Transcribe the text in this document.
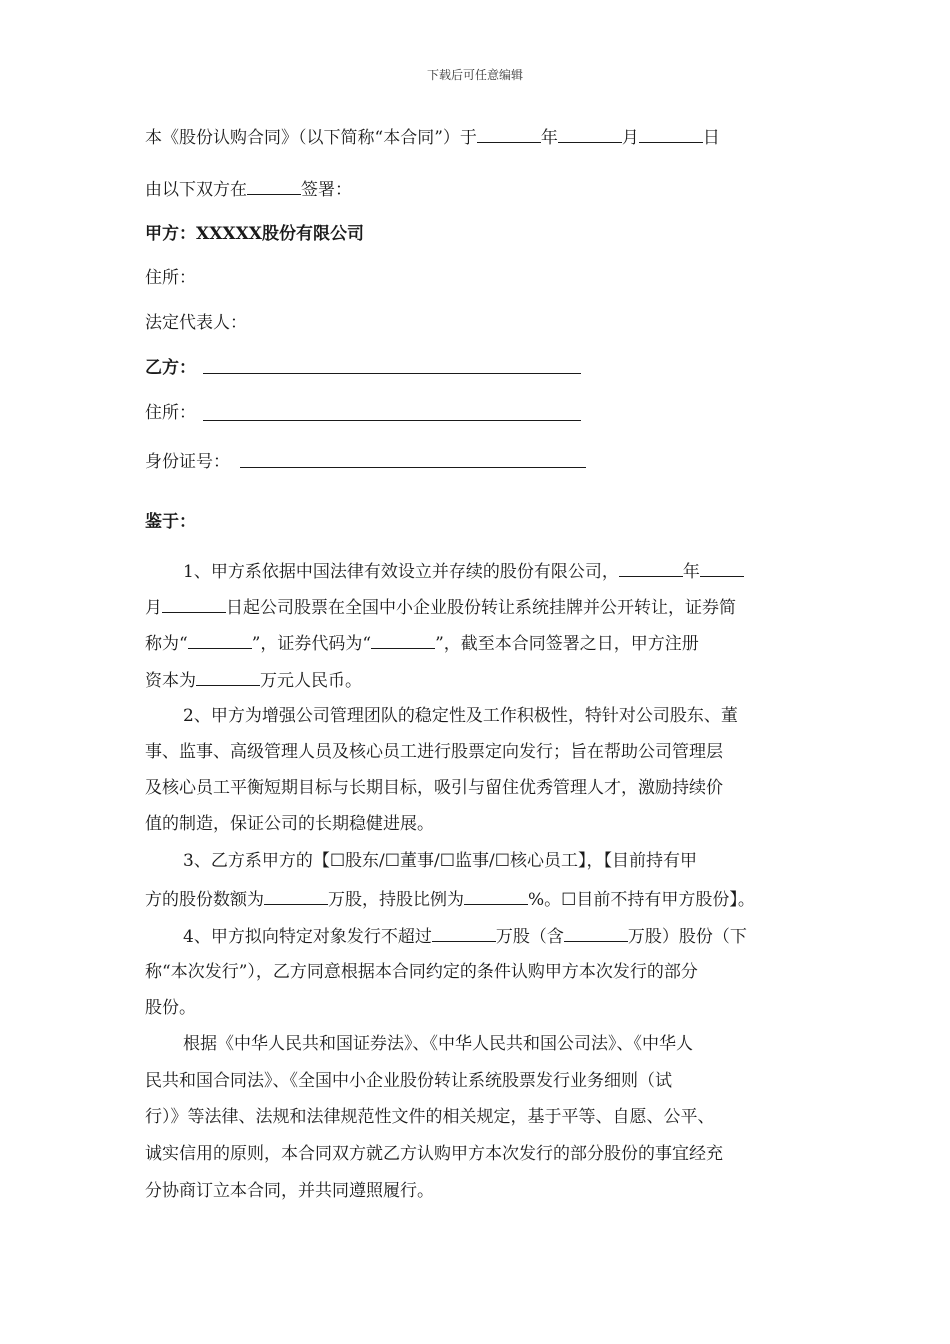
下载后可任意编辑
本《股份认购合同》（以下简称“本合同”）于	年	月	日
由以下双方在	签署：
甲方：XXXXX股份有限公司
住所：
法定代表人：
乙方：
住所：
身份证号：
鉴于：
1、甲方系依据中国法律有效设立并存续的股份有限公司，	年
月	日起公司股票在全国中小企业股份转让系统挂牌并公开转让，证券简
称为“	”，证券代码为“	”，截至本合同签署之日，甲方注册
资本为	万元人民币。
2、甲方为增强公司管理团队的稳定性及工作积极性，特针对公司股东、董
事、监事、高级管理人员及核心员工进行股票定向发行；旨在帮助公司管理层
及核心员工平衡短期目标与长期目标，吸引与留住优秀管理人才，激励持续价
值的制造，保证公司的长期稳健进展。
3、乙方系甲方的【☐股东/☐董事/☐监事/☐核心员工】，【目前持有甲
方的股份数额为	万股，持股比例为	%。☐目前不持有甲方股份】。
4、甲方拟向特定对象发行不超过	万股（含	万股）股份（下
称“本次发行”），乙方同意根据本合同约定的条件认购甲方本次发行的部分
股份。
根据《中华人民共和国证券法》、《中华人民共和国公司法》、《中华人
民共和国合同法》、《全国中小企业股份转让系统股票发行业务细则（试
行）》等法律、法规和法律规范性文件的相关规定，基于平等、自愿、公平、
诚实信用的原则，本合同双方就乙方认购甲方本次发行的部分股份的事宜经充
分协商订立本合同，并共同遵照履行。
